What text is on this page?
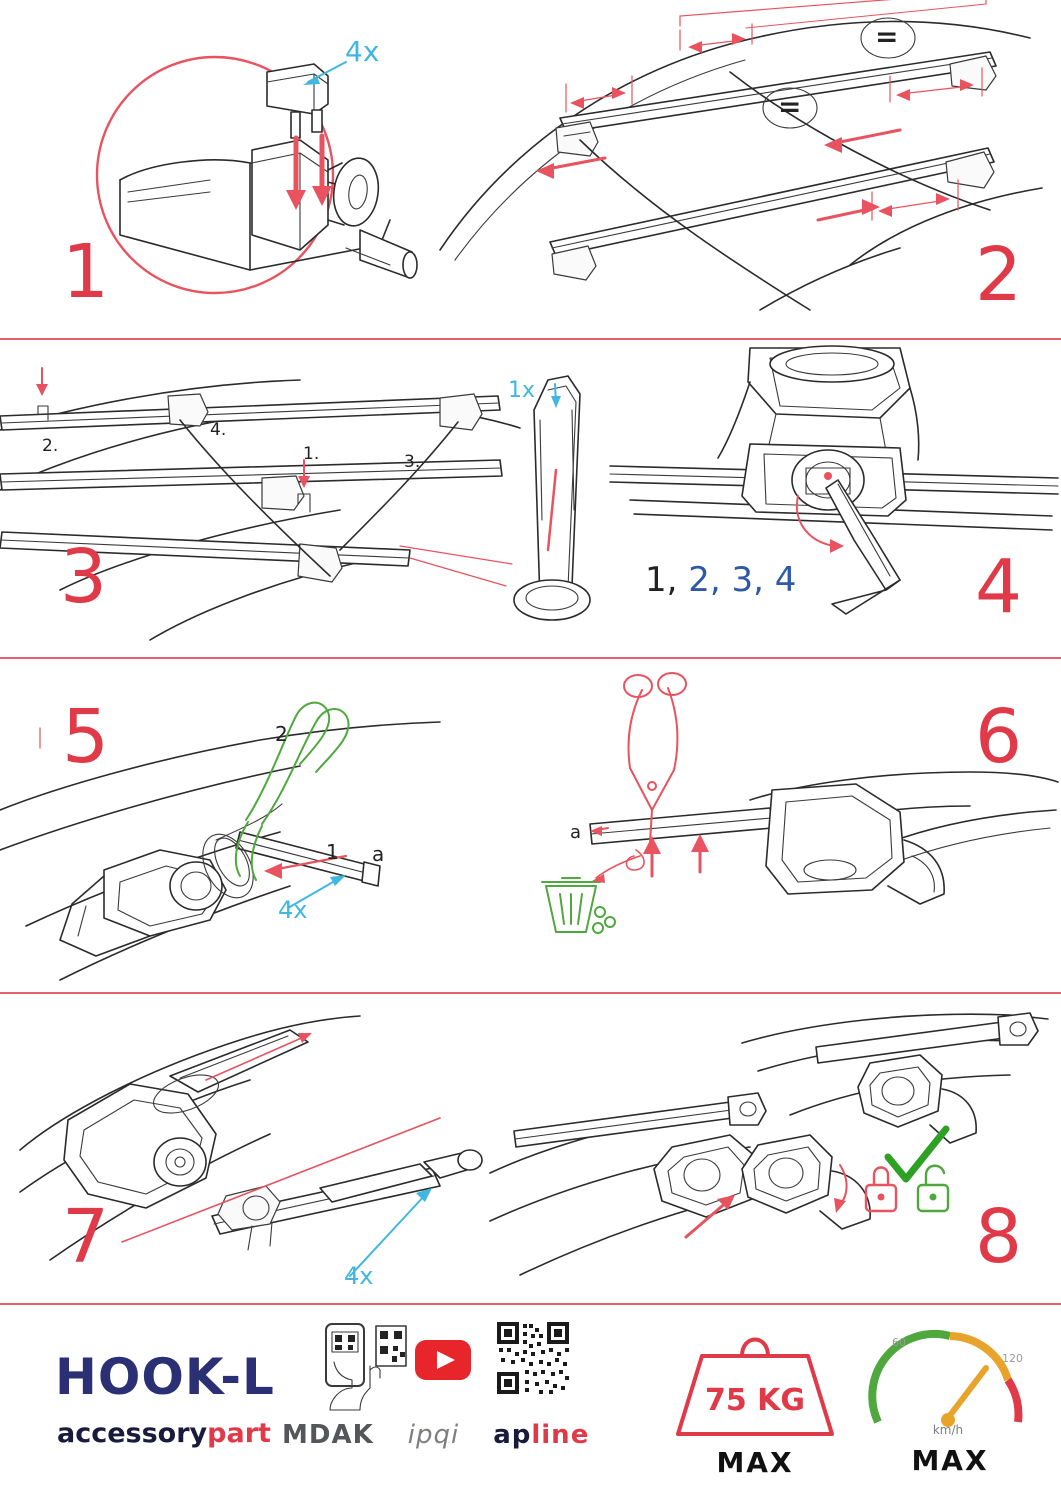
4x
1
=
=
2
2.
4.
1.	3.
1x
3	1, 2, 3, 4 4
5	2
1 a
4x
a
6
4x
7	8
HOOK-L
accessorypart MDAK ipqi apline
75 KG
MAX
60
120
km/h
MAX
